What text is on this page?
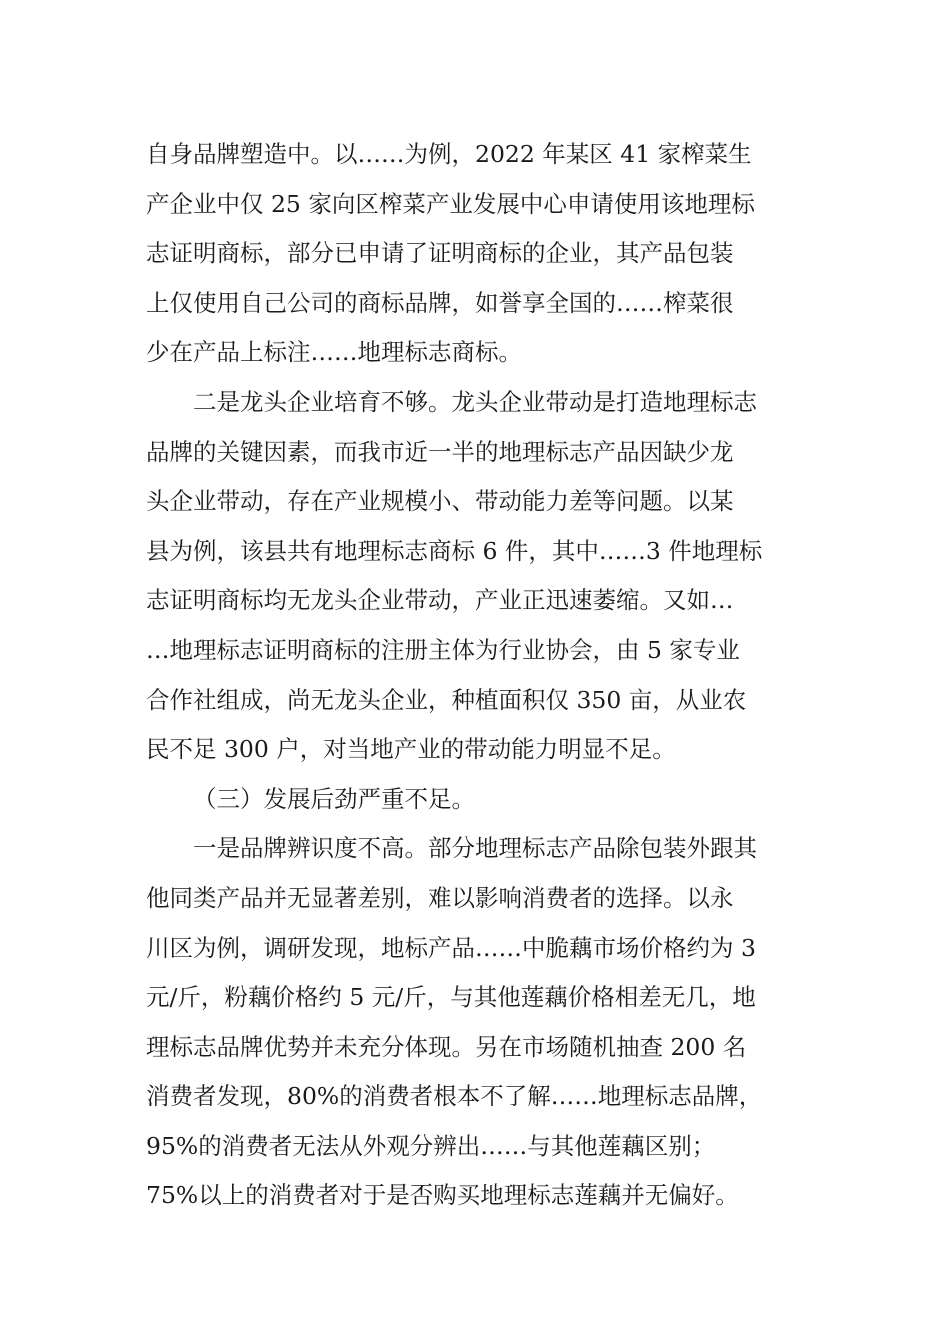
自身品牌塑造中。以……为例，2022 年某区 41 家榨菜生
产企业中仅 25 家向区榨菜产业发展中心申请使用该地理标
志证明商标，部分已申请了证明商标的企业，其产品包装
上仅使用自己公司的商标品牌，如誉享全国的……榨菜很
少在产品上标注……地理标志商标。
二是龙头企业培育不够。龙头企业带动是打造地理标志
品牌的关键因素，而我市近一半的地理标志产品因缺少龙
头企业带动，存在产业规模小、带动能力差等问题。以某
县为例，该县共有地理标志商标 6 件，其中……3 件地理标
志证明商标均无龙头企业带动，产业正迅速萎缩。又如…
…地理标志证明商标的注册主体为行业协会，由 5 家专业
合作社组成，尚无龙头企业，种植面积仅 350 亩，从业农
民不足 300 户，对当地产业的带动能力明显不足。
（三）发展后劲严重不足。
一是品牌辨识度不高。部分地理标志产品除包装外跟其
他同类产品并无显著差别，难以影响消费者的选择。以永
川区为例，调研发现，地标产品……中脆藕市场价格约为 3
元/斤，粉藕价格约 5 元/斤，与其他莲藕价格相差无几，地
理标志品牌优势并未充分体现。另在市场随机抽查 200 名
消费者发现，80%的消费者根本不了解……地理标志品牌，
95%的消费者无法从外观分辨出……与其他莲藕区别；
75%以上的消费者对于是否购买地理标志莲藕并无偏好。
